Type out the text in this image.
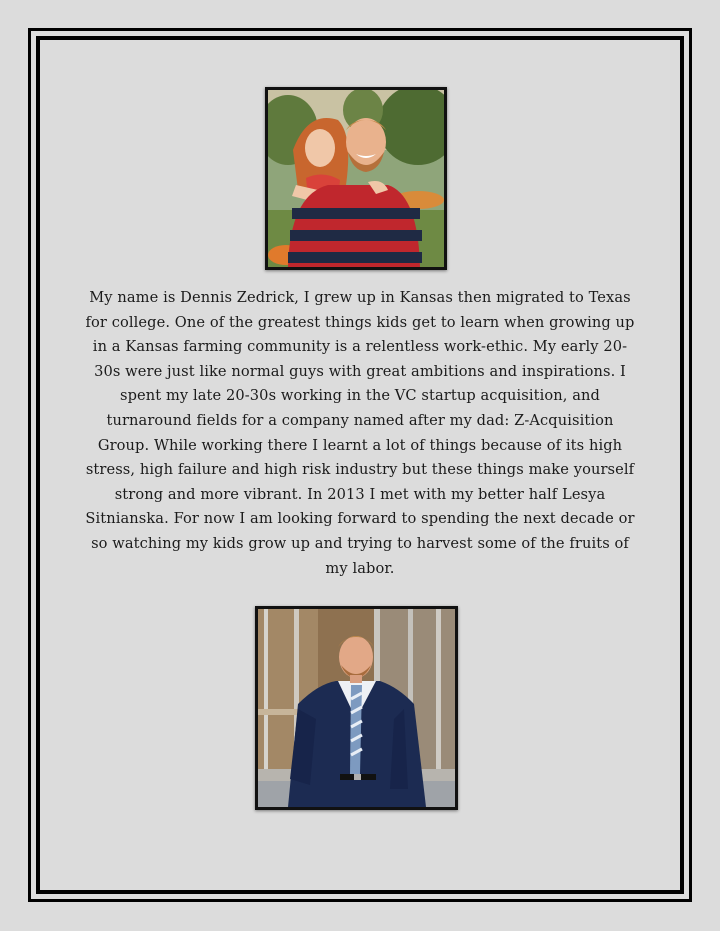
My name is Dennis Zedrick, I grew up in Kansas then migrated to Texas for college. One of the greatest things kids get to learn when growing up in a Kansas farming community is a relentless work-ethic. My early 20-30s were just like normal guys with great ambitions and inspirations. I spent my late 20-30s working in the VC startup acquisition, and turnaround fields for a company named after my dad: Z-Acquisition Group. While working there I learnt a lot of things because of its high stress, high failure and high risk industry but these things make yourself strong and more vibrant. In 2013 I met with my better half Lesya Sitnianska. For now I am looking forward to spending the next decade or so watching my kids grow up and trying to harvest some of the fruits of my labor.
